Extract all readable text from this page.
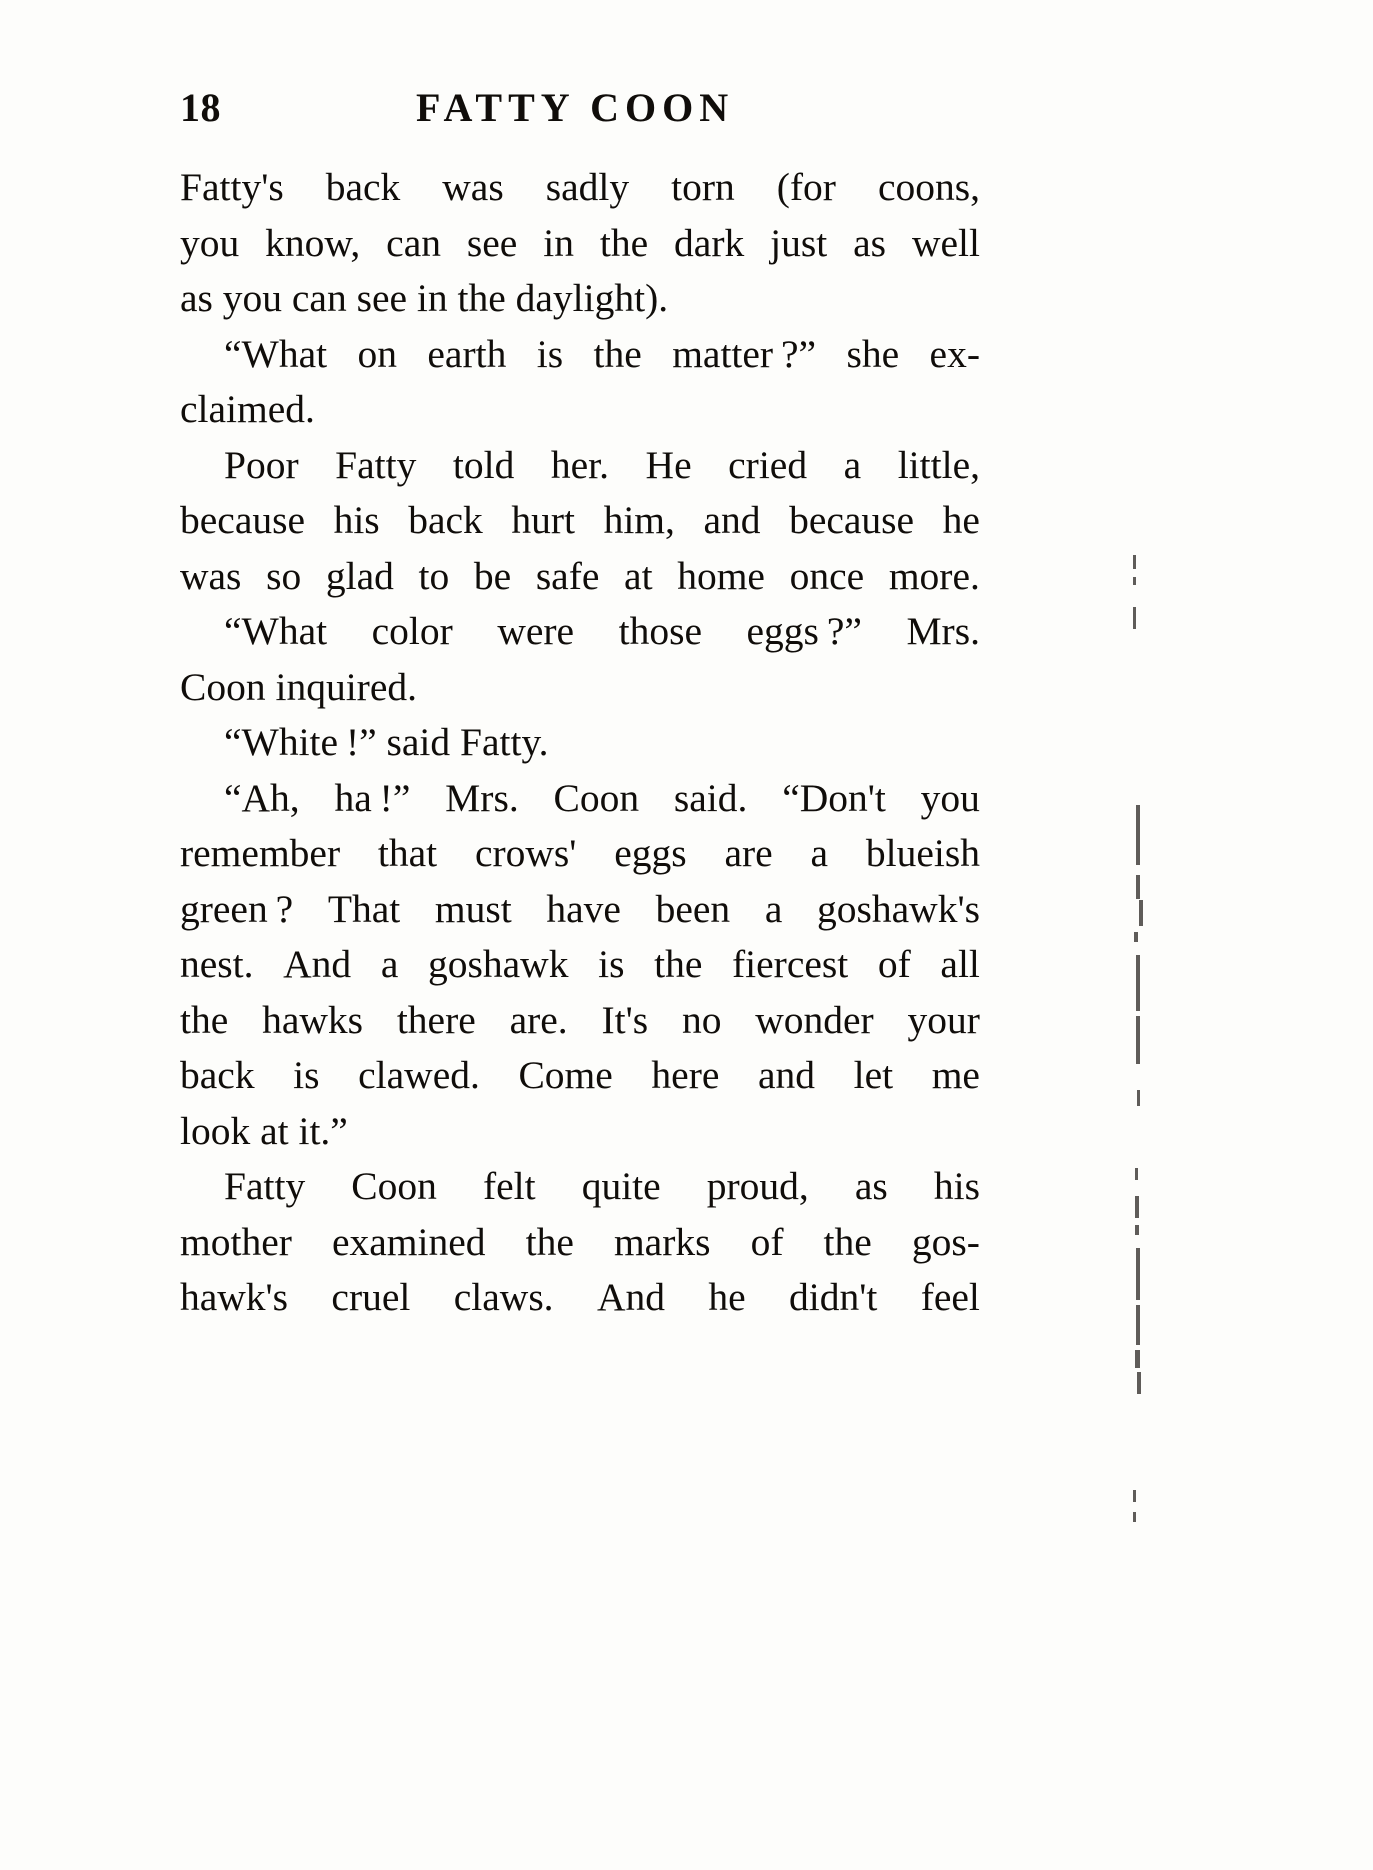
18	FATTY COON
Fatty's back was sadly torn (for coons,
you know, can see in the dark just as well
as you can see in the daylight).
“What on earth is the matter ?” she ex-
claimed.
Poor Fatty told her. He cried a little,
because his back hurt him, and because he
was so glad to be safe at home once more.
“What color were those eggs ?” Mrs.
Coon inquired.
“White !” said Fatty.
“Ah, ha !” Mrs. Coon said. “Don't you
remember that crows' eggs are a blueish
green ? That must have been a goshawk's
nest. And a goshawk is the fiercest of all
the hawks there are. It's no wonder your
back is clawed. Come here and let me
look at it.”
Fatty Coon felt quite proud, as his
mother examined the marks of the gos-
hawk's cruel claws. And he didn't feel
